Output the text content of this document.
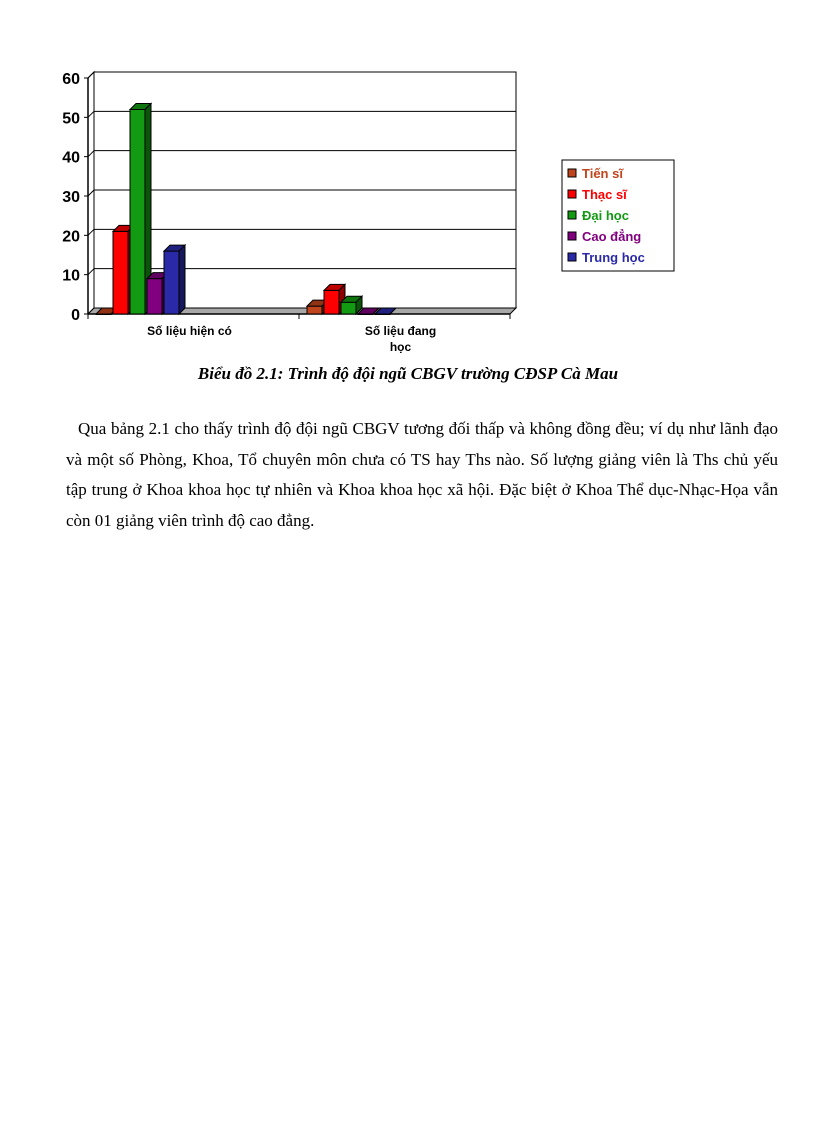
0
10
20
30
40
50
60
Số liệu hiện có	Số liệu đang học
Tiến sĩ
Thạc sĩ
Đại học
Cao đẳng
Trung học
Biểu đồ 2.1: Trình độ đội ngũ CBGV trường CĐSP Cà Mau

Qua bảng 2.1 cho thấy trình độ đội ngũ CBGV tương đối thấp và không đồng đều; ví dụ như lãnh đạo và một số Phòng, Khoa, Tổ chuyên môn chưa có TS hay Ths nào. Số lượng giảng viên là Ths chủ yếu tập trung ở Khoa khoa học tự nhiên và Khoa khoa học xã hội. Đặc biệt ở Khoa Thể dục-Nhạc-Họa vẫn còn 01 giảng viên trình độ cao đẳng.
